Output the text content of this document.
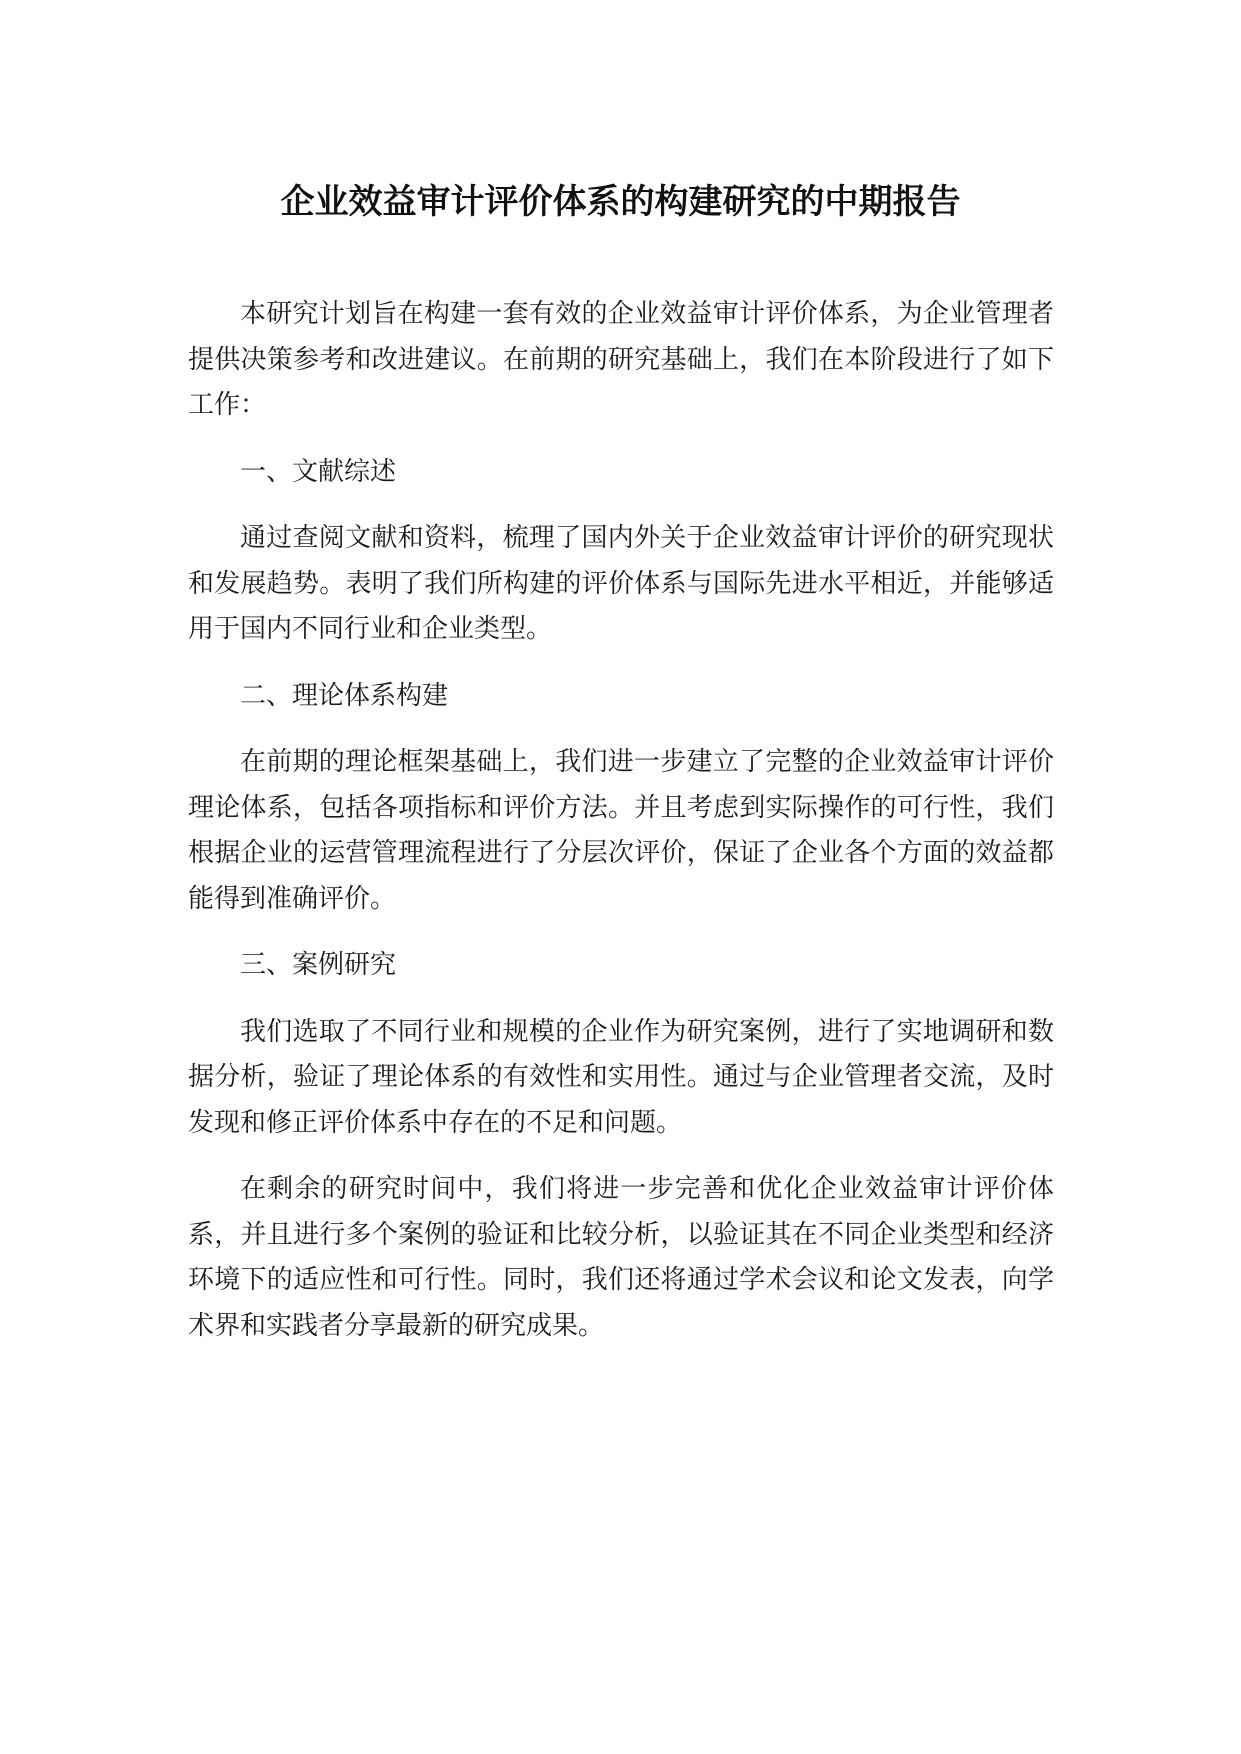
企业效益审计评价体系的构建研究的中期报告

本研究计划旨在构建一套有效的企业效益审计评价体系，为企业管理者提供决策参考和改进建议。在前期的研究基础上，我们在本阶段进行了如下工作：

一、文献综述

通过查阅文献和资料，梳理了国内外关于企业效益审计评价的研究现状和发展趋势。表明了我们所构建的评价体系与国际先进水平相近，并能够适用于国内不同行业和企业类型。

二、理论体系构建

在前期的理论框架基础上，我们进一步建立了完整的企业效益审计评价理论体系，包括各项指标和评价方法。并且考虑到实际操作的可行性，我们根据企业的运营管理流程进行了分层次评价，保证了企业各个方面的效益都能得到准确评价。

三、案例研究

我们选取了不同行业和规模的企业作为研究案例，进行了实地调研和数据分析，验证了理论体系的有效性和实用性。通过与企业管理者交流，及时发现和修正评价体系中存在的不足和问题。

在剩余的研究时间中，我们将进一步完善和优化企业效益审计评价体系，并且进行多个案例的验证和比较分析，以验证其在不同企业类型和经济环境下的适应性和可行性。同时，我们还将通过学术会议和论文发表，向学术界和实践者分享最新的研究成果。
